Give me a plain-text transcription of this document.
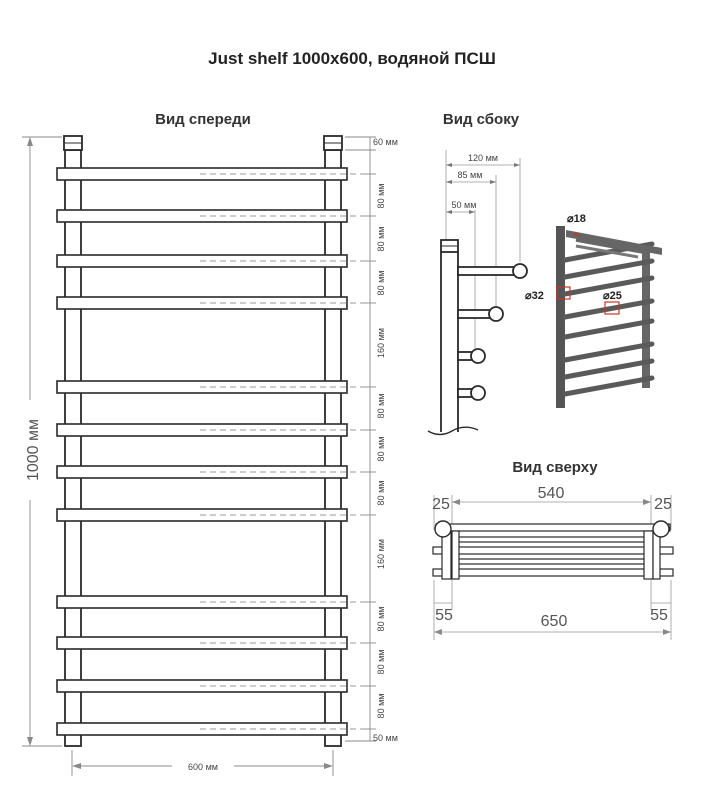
Just shelf 1000x600, водяной ПСШ
Вид спереди
60 мм
80 мм
80 мм
80 мм
160 мм
80 мм
80 мм
80 мм
160 мм
80 мм
80 мм
80 мм
50 мм
1000 мм
600 мм
Вид сбоку
120 мм
85 мм
50 мм
⌀18
⌀32	⌀25
Вид сверху
540
25	25
55	55
650
